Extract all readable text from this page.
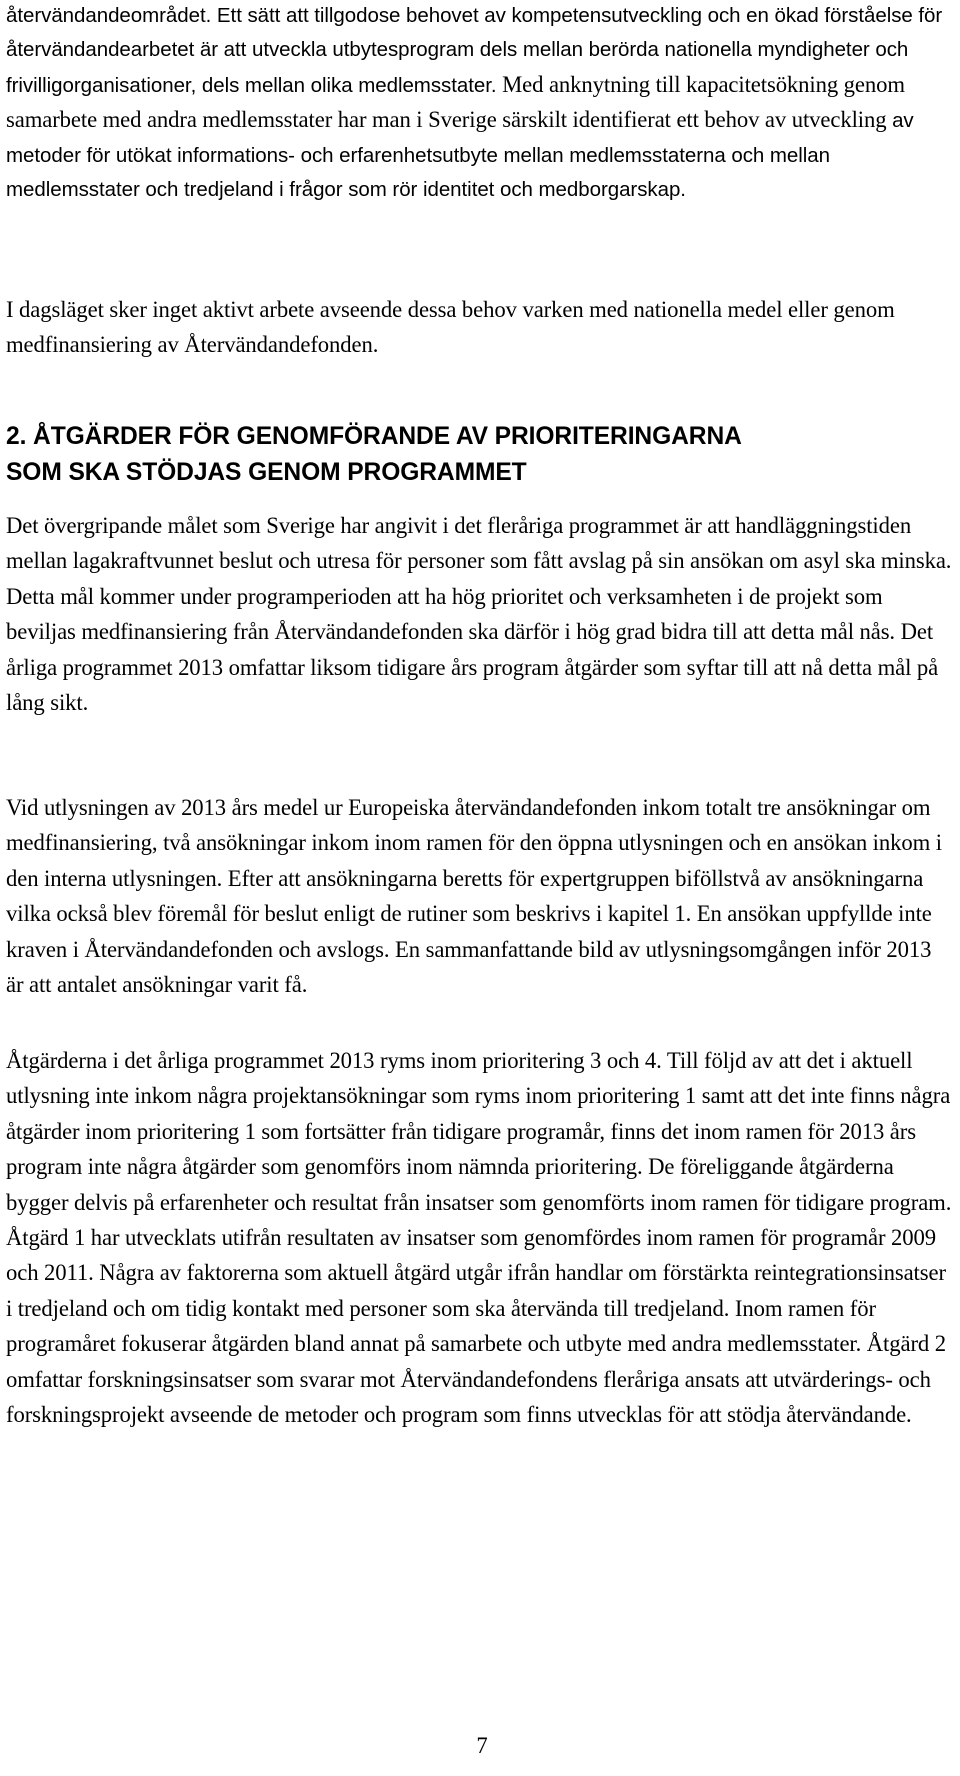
återvändandeområdet. Ett sätt att tillgodose behovet av kompetensutveckling och en ökad förståelse för återvändandearbetet är att utveckla utbytesprogram dels mellan berörda nationella myndigheter och frivilligorganisationer, dels mellan olika medlemsstater. Med anknytning till kapacitetsökning genom samarbete med andra medlemsstater har man i Sverige särskilt identifierat ett behov av utveckling av metoder för utökat informations- och erfarenhetsutbyte mellan medlemsstaterna och mellan medlemsstater och tredjeland i frågor som rör identitet och medborgarskap.

I dagsläget sker inget aktivt arbete avseende dessa behov varken med nationella medel eller genom medfinansiering av Återvändandefonden.

2. ÅTGÄRDER FÖR GENOMFÖRANDE AV PRIORITERINGARNA
SOM SKA STÖDJAS GENOM PROGRAMMET

Det övergripande målet som Sverige har angivit i det fleråriga programmet är att handläggningstiden mellan lagakraftvunnet beslut och utresa för personer som fått avslag på sin ansökan om asyl ska minska. Detta mål kommer under programperioden att ha hög prioritet och verksamheten i de projekt som beviljas medfinansiering från Återvändandefonden ska därför i hög grad bidra till att detta mål nås. Det årliga programmet 2013 omfattar liksom tidigare års program åtgärder som syftar till att nå detta mål på lång sikt.

Vid utlysningen av 2013 års medel ur Europeiska återvändandefonden inkom totalt tre ansökningar om medfinansiering, två ansökningar inkom inom ramen för den öppna utlysningen och en ansökan inkom i den interna utlysningen. Efter att ansökningarna beretts för expertgruppen biföllstvå av ansökningarna vilka också blev föremål för beslut enligt de rutiner som beskrivs i kapitel 1. En ansökan uppfyllde inte kraven i Återvändandefonden och avslogs. En sammanfattande bild av utlysningsomgången inför 2013 är att antalet ansökningar varit få.

Åtgärderna i det årliga programmet 2013 ryms inom prioritering 3 och 4. Till följd av att det i aktuell utlysning inte inkom några projektansökningar som ryms inom prioritering 1 samt att det inte finns några åtgärder inom prioritering 1 som fortsätter från tidigare programår, finns det inom ramen för 2013 års program inte några åtgärder som genomförs inom nämnda prioritering. De föreliggande åtgärderna bygger delvis på erfarenheter och resultat från insatser som genomförts inom ramen för tidigare program. Åtgärd 1 har utvecklats utifrån resultaten av insatser som genomfördes inom ramen för programår 2009 och 2011. Några av faktorerna som aktuell åtgärd utgår ifrån handlar om förstärkta reintegrationsinsatser i tredjeland och om tidig kontakt med personer som ska återvända till tredjeland. Inom ramen för programåret fokuserar åtgärden bland annat på samarbete och utbyte med andra medlemsstater. Åtgärd 2 omfattar forskningsinsatser som svarar mot Återvändandefondens fleråriga ansats att utvärderings- och forskningsprojekt avseende de metoder och program som finns utvecklas för att stödja återvändande.

7
